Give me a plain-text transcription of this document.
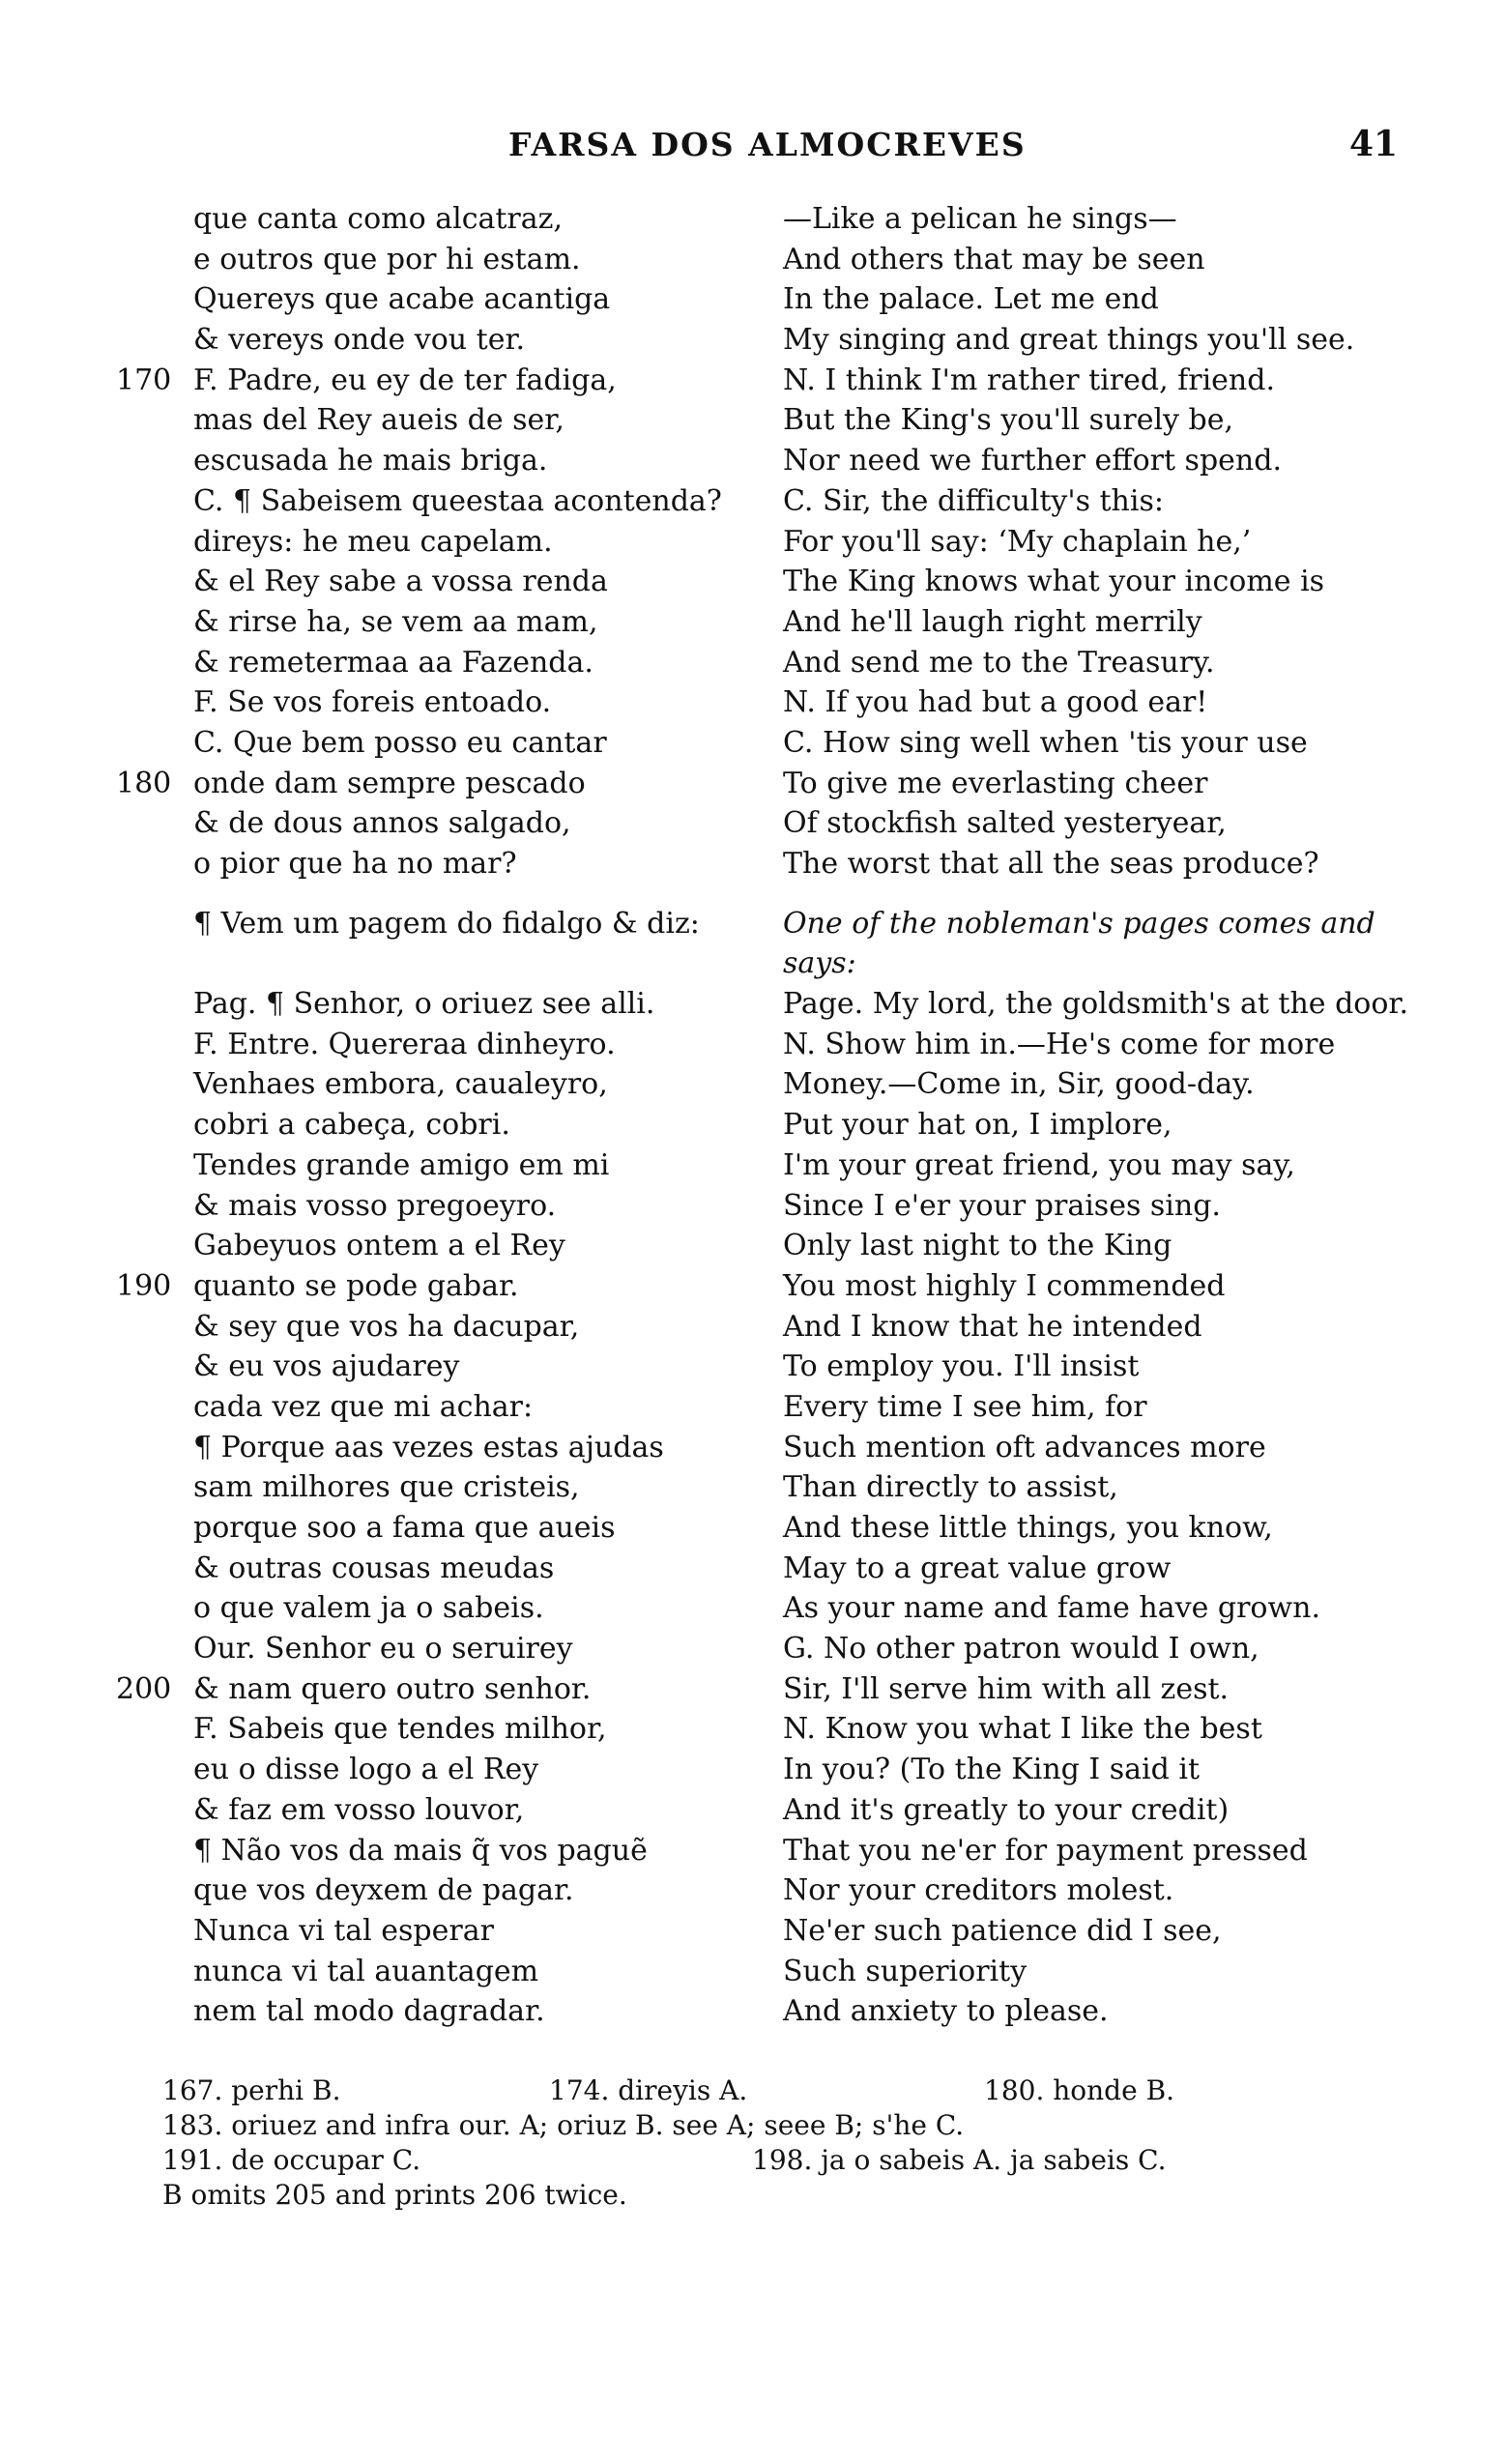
FARSA DOS ALMOCREVES	41
que canta como alcatraz,
e outros que por hi estam.
Quereys que acabe acantiga
& vereys onde vou ter.
170 F. Padre, eu ey de ter fadiga,
mas del Rey aueis de ser,
escusada he mais briga.
C. ¶ Sabeisem queestaa acontenda?
direys: he meu capelam.
& el Rey sabe a vossa renda
& rirse ha, se vem aa mam,
& remetermaa aa Fazenda.
F. Se vos foreis entoado.
C. Que bem posso eu cantar
180 onde dam sempre pescado
& de dous annos salgado,
o pior que ha no mar?
¶ Vem um pagem do fidalgo & diz:
Pag. ¶ Senhor, o oriuez see alli.
F. Entre. Quereraa dinheyro.
Venhaes embora, caualeyro,
cobri a cabeça, cobri.
Tendes grande amigo em mi
& mais vosso pregoeyro.
Gabeyuos ontem a el Rey
190 quanto se pode gabar.
& sey que vos ha dacupar,
& eu vos ajudarey
cada vez que mi achar:
¶ Porque aas vezes estas ajudas
sam milhores que cristeis,
porque soo a fama que aueis
& outras cousas meudas
o que valem ja o sabeis.
Our. Senhor eu o seruirey
200 & nam quero outro senhor.
F. Sabeis que tendes milhor,
eu o disse logo a el Rey
& faz em vosso louvor,
¶ Não vos da mais q̃ vos paguẽ
que vos deyxem de pagar.
Nunca vi tal esperar
nunca vi tal auantagem
nem tal modo dagradar.
—Like a pelican he sings—
And others that may be seen
In the palace. Let me end
My singing and great things you'll see.
N. I think I'm rather tired, friend.
But the King's you'll surely be,
Nor need we further effort spend.
C. Sir, the difficulty's this:
For you'll say: ‘My chaplain he,’
The King knows what your income is
And he'll laugh right merrily
And send me to the Treasury.
N. If you had but a good ear!
C. How sing well when 'tis your use
To give me everlasting cheer
Of stockfish salted yesteryear,
The worst that all the seas produce?
One of the nobleman's pages comes and
says:
Page. My lord, the goldsmith's at the door.
N. Show him in.—He's come for more
Money.—Come in, Sir, good-day.
Put your hat on, I implore,
I'm your great friend, you may say,
Since I e'er your praises sing.
Only last night to the King
You most highly I commended
And I know that he intended
To employ you. I'll insist
Every time I see him, for
Such mention oft advances more
Than directly to assist,
And these little things, you know,
May to a great value grow
As your name and fame have grown.
G. No other patron would I own,
Sir, I'll serve him with all zest.
N. Know you what I like the best
In you? (To the King I said it
And it's greatly to your credit)
That you ne'er for payment pressed
Nor your creditors molest.
Ne'er such patience did I see,
Such superiority
And anxiety to please.
167. perhi B.	174. direyis A.	180. honde B.
183. oriuez and infra our. A; oriuz B. see A; seee B; s'he C.
191. de occupar C.	198. ja o sabeis A. ja sabeis C.
B omits 205 and prints 206 twice.
